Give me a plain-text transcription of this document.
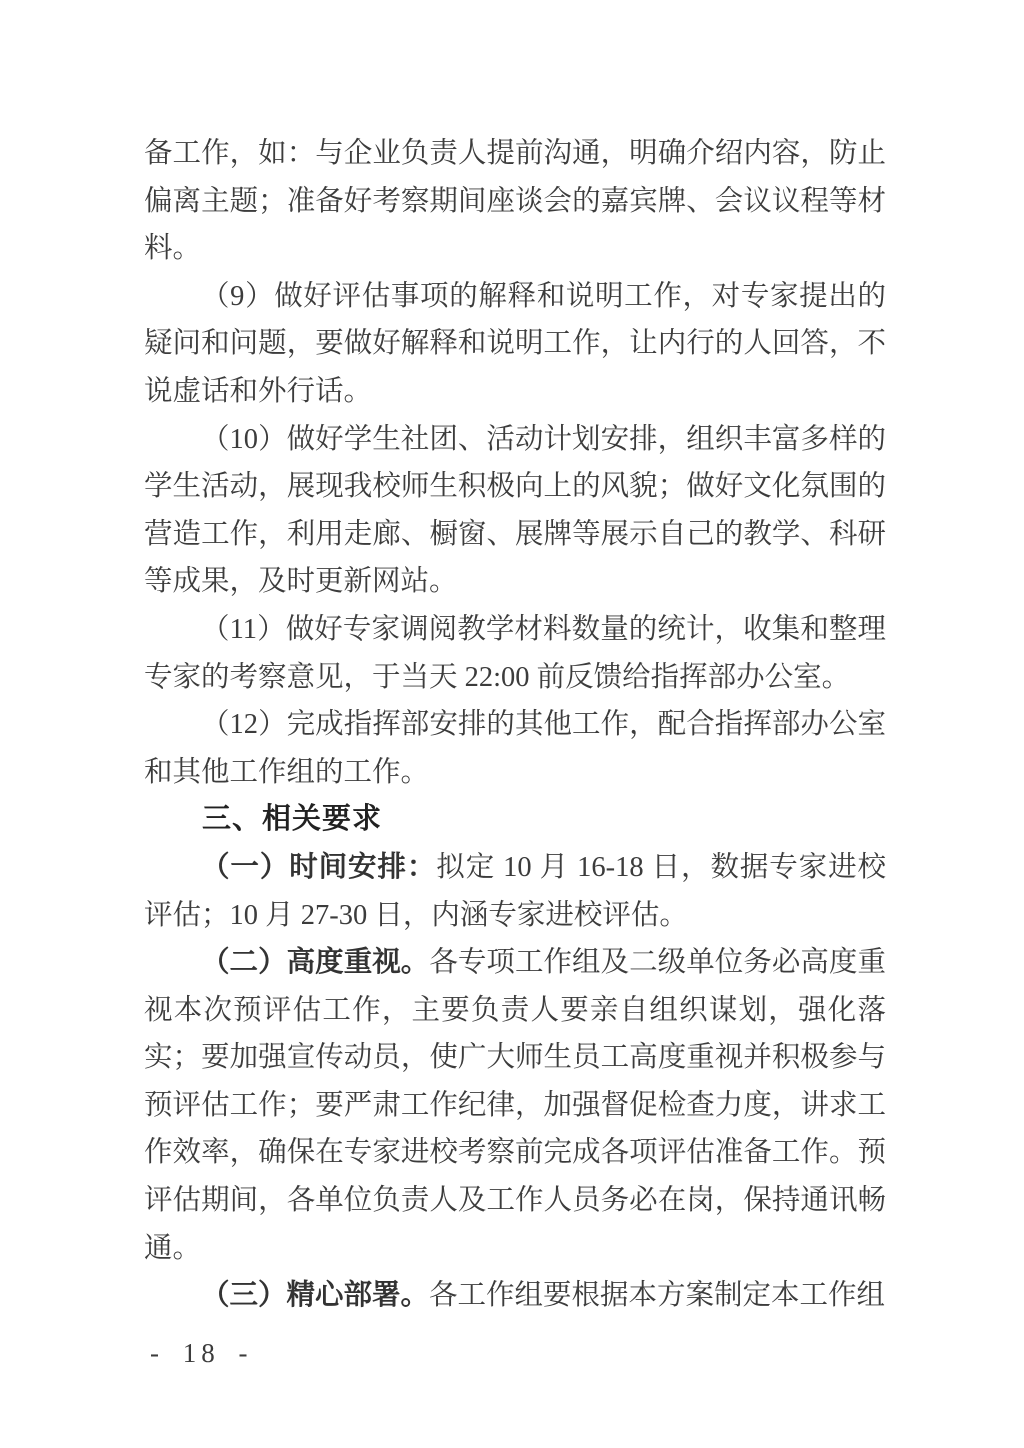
备工作，如：与企业负责人提前沟通，明确介绍内容，防止偏离主题；准备好考察期间座谈会的嘉宾牌、会议议程等材料。

（9）做好评估事项的解释和说明工作，对专家提出的疑问和问题，要做好解释和说明工作，让内行的人回答，不说虚话和外行话。

（10）做好学生社团、活动计划安排，组织丰富多样的学生活动，展现我校师生积极向上的风貌；做好文化氛围的营造工作，利用走廊、橱窗、展牌等展示自己的教学、科研等成果，及时更新网站。

（11）做好专家调阅教学材料数量的统计，收集和整理专家的考察意见，于当天 22:00 前反馈给指挥部办公室。

（12）完成指挥部安排的其他工作，配合指挥部办公室和其他工作组的工作。

三、相关要求

（一）时间安排：拟定 10 月 16-18 日，数据专家进校评估；10 月 27-30 日，内涵专家进校评估。

（二）高度重视。各专项工作组及二级单位务必高度重视本次预评估工作，主要负责人要亲自组织谋划，强化落实；要加强宣传动员，使广大师生员工高度重视并积极参与预评估工作；要严肃工作纪律，加强督促检查力度，讲求工作效率，确保在专家进校考察前完成各项评估准备工作。预评估期间，各单位负责人及工作人员务必在岗，保持通讯畅通。

（三）精心部署。各工作组要根据本方案制定本工作组

- 18 -
